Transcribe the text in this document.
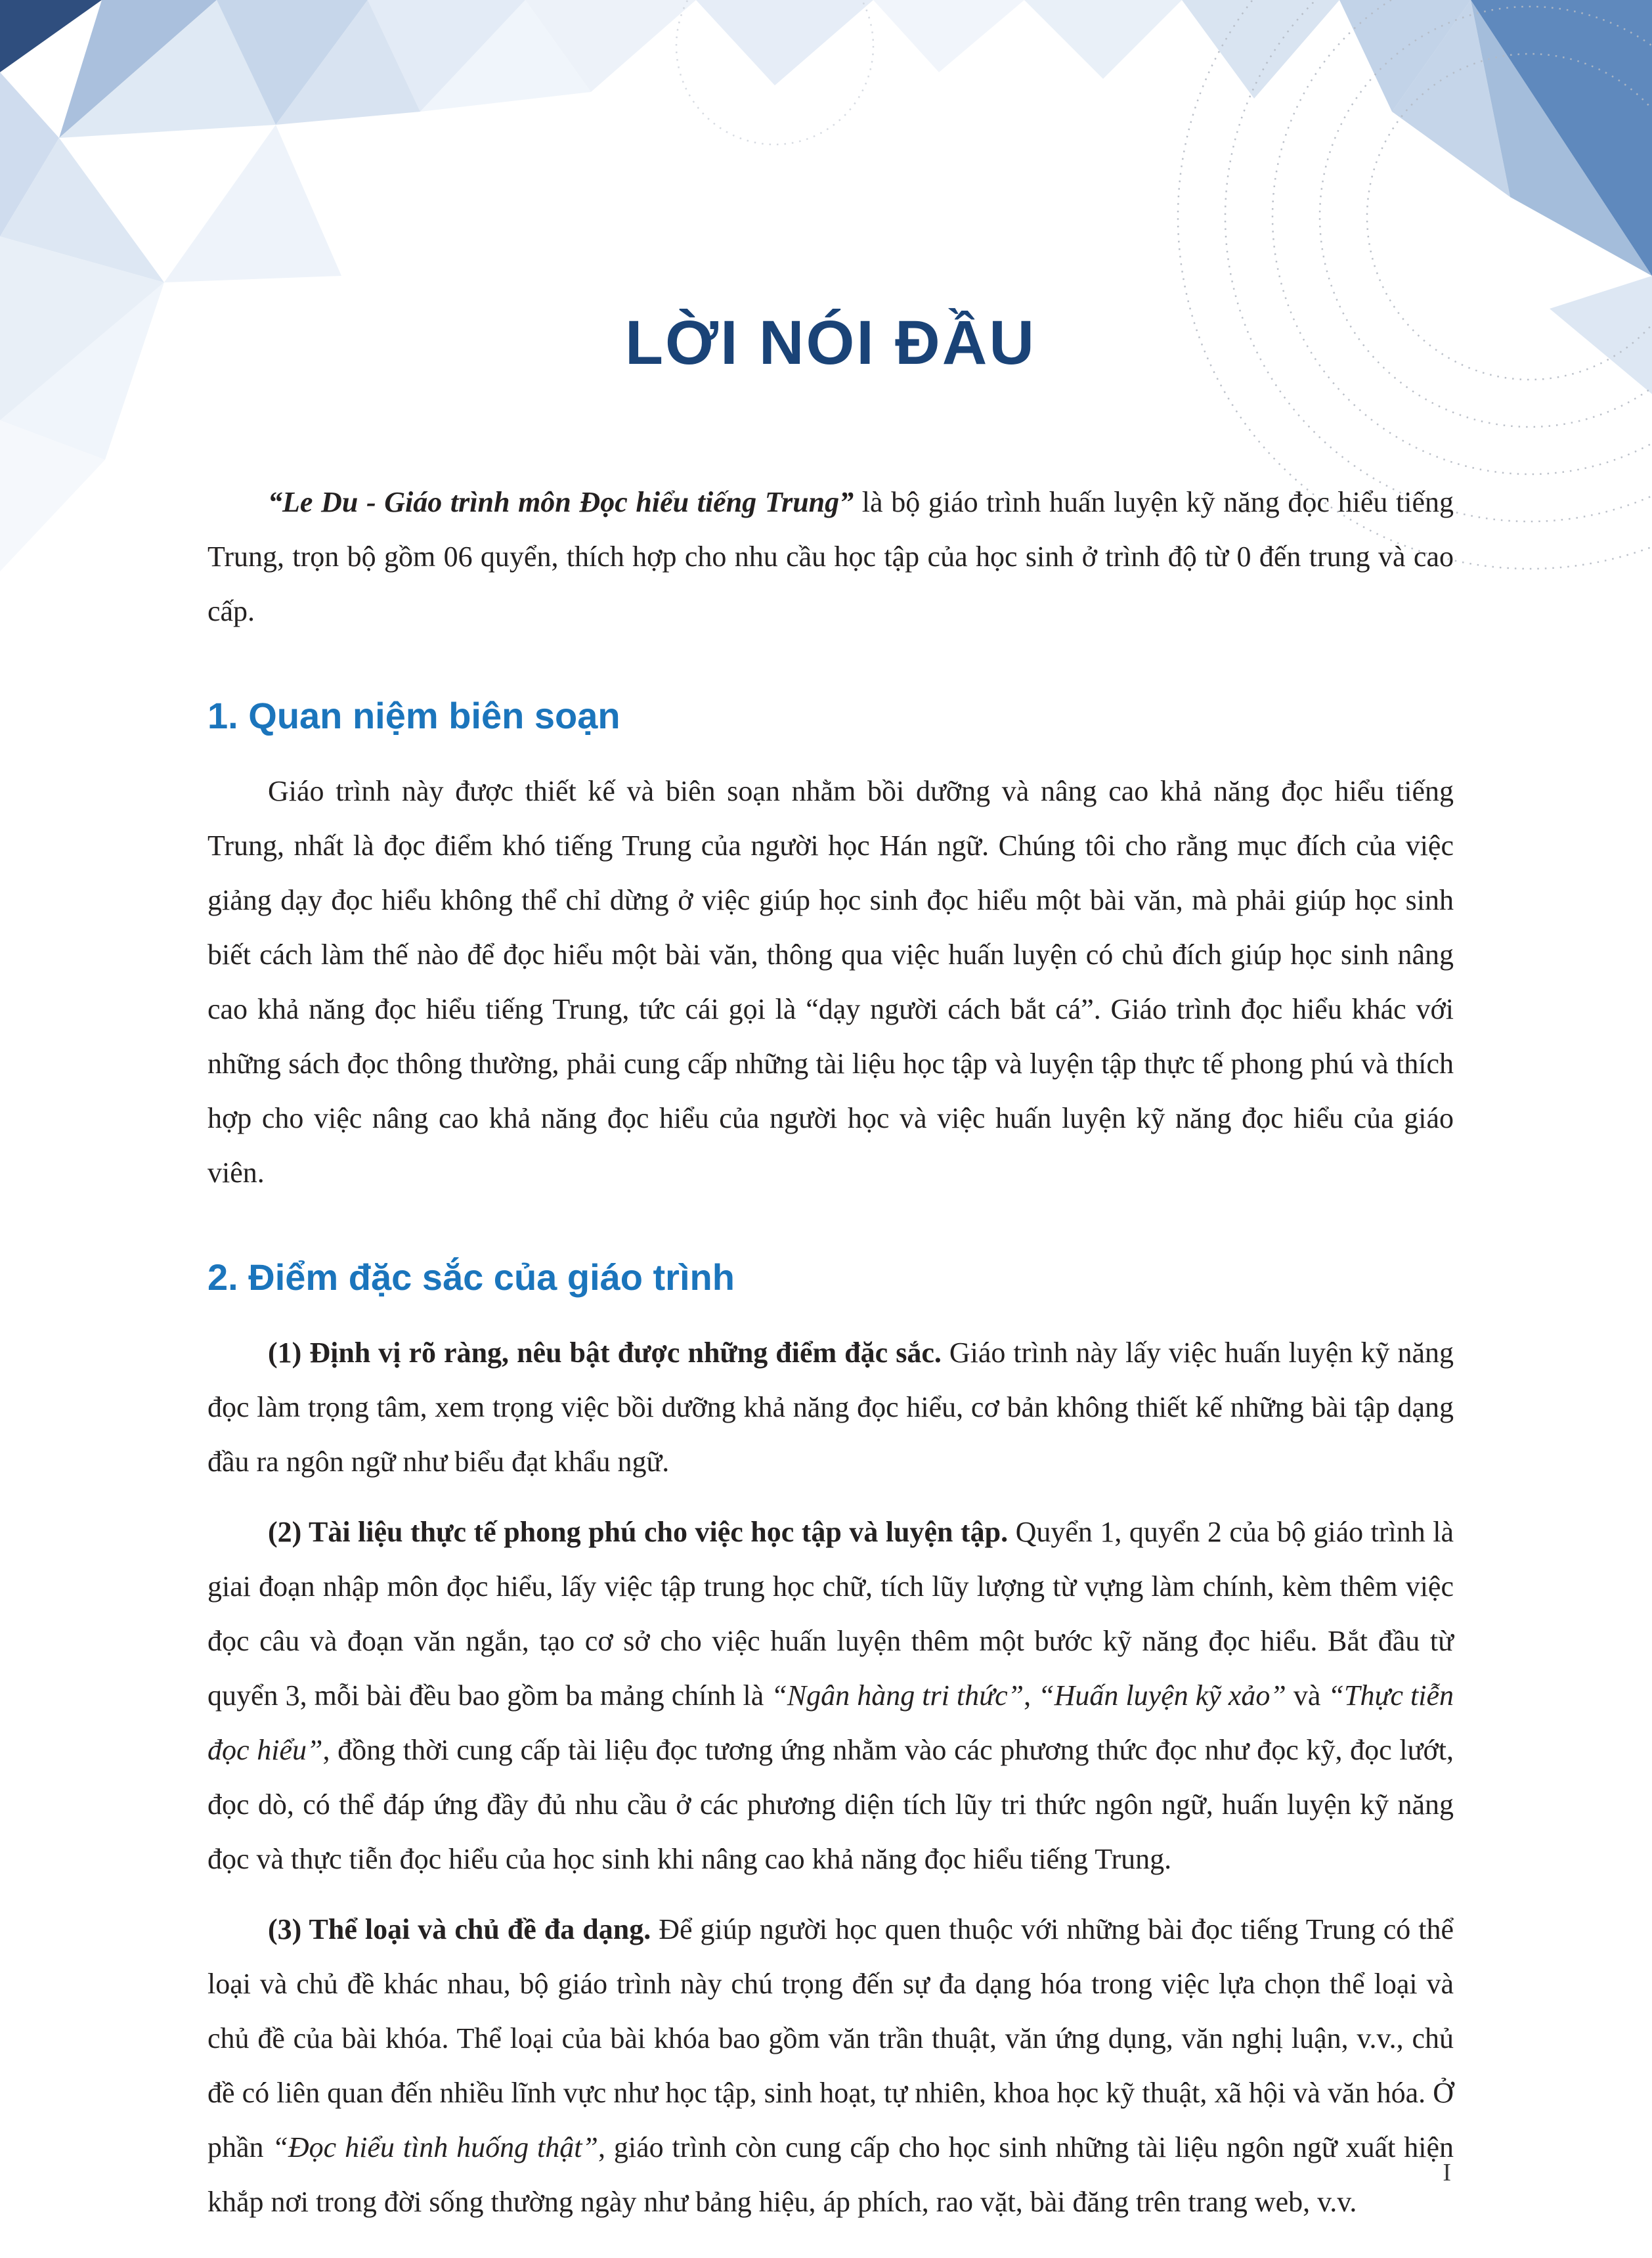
LỜI NÓI ĐẦU

“Le Du - Giáo trình môn Đọc hiểu tiếng Trung” là bộ giáo trình huấn luyện kỹ năng đọc hiểu tiếng Trung, trọn bộ gồm 06 quyển, thích hợp cho nhu cầu học tập của học sinh ở trình độ từ 0 đến trung và cao cấp.

1. Quan niệm biên soạn

Giáo trình này được thiết kế và biên soạn nhằm bồi dưỡng và nâng cao khả năng đọc hiểu tiếng Trung, nhất là đọc điểm khó tiếng Trung của người học Hán ngữ. Chúng tôi cho rằng mục đích của việc giảng dạy đọc hiểu không thể chỉ dừng ở việc giúp học sinh đọc hiểu một bài văn, mà phải giúp học sinh biết cách làm thế nào để đọc hiểu một bài văn, thông qua việc huấn luyện có chủ đích giúp học sinh nâng cao khả năng đọc hiểu tiếng Trung, tức cái gọi là “dạy người cách bắt cá”. Giáo trình đọc hiểu khác với những sách đọc thông thường, phải cung cấp những tài liệu học tập và luyện tập thực tế phong phú và thích hợp cho việc nâng cao khả năng đọc hiểu của người học và việc huấn luyện kỹ năng đọc hiểu của giáo viên.

2. Điểm đặc sắc của giáo trình

(1) Định vị rõ ràng, nêu bật được những điểm đặc sắc. Giáo trình này lấy việc huấn luyện kỹ năng đọc làm trọng tâm, xem trọng việc bồi dưỡng khả năng đọc hiểu, cơ bản không thiết kế những bài tập dạng đầu ra ngôn ngữ như biểu đạt khẩu ngữ.

(2) Tài liệu thực tế phong phú cho việc học tập và luyện tập. Quyển 1, quyển 2 của bộ giáo trình là giai đoạn nhập môn đọc hiểu, lấy việc tập trung học chữ, tích lũy lượng từ vựng làm chính, kèm thêm việc đọc câu và đoạn văn ngắn, tạo cơ sở cho việc huấn luyện thêm một bước kỹ năng đọc hiểu. Bắt đầu từ quyển 3, mỗi bài đều bao gồm ba mảng chính là “Ngân hàng tri thức”, “Huấn luyện kỹ xảo” và “Thực tiễn đọc hiểu”, đồng thời cung cấp tài liệu đọc tương ứng nhằm vào các phương thức đọc như đọc kỹ, đọc lướt, đọc dò, có thể đáp ứng đầy đủ nhu cầu ở các phương diện tích lũy tri thức ngôn ngữ, huấn luyện kỹ năng đọc và thực tiễn đọc hiểu của học sinh khi nâng cao khả năng đọc hiểu tiếng Trung.

(3) Thể loại và chủ đề đa dạng. Để giúp người học quen thuộc với những bài đọc tiếng Trung có thể loại và chủ đề khác nhau, bộ giáo trình này chú trọng đến sự đa dạng hóa trong việc lựa chọn thể loại và chủ đề của bài khóa. Thể loại của bài khóa bao gồm văn trần thuật, văn ứng dụng, văn nghị luận, v.v., chủ đề có liên quan đến nhiều lĩnh vực như học tập, sinh hoạt, tự nhiên, khoa học kỹ thuật, xã hội và văn hóa. Ở phần “Đọc hiểu tình huống thật”, giáo trình còn cung cấp cho học sinh những tài liệu ngôn ngữ xuất hiện khắp nơi trong đời sống thường ngày như bảng hiệu, áp phích, rao vặt, bài đăng trên trang web, v.v.

I
